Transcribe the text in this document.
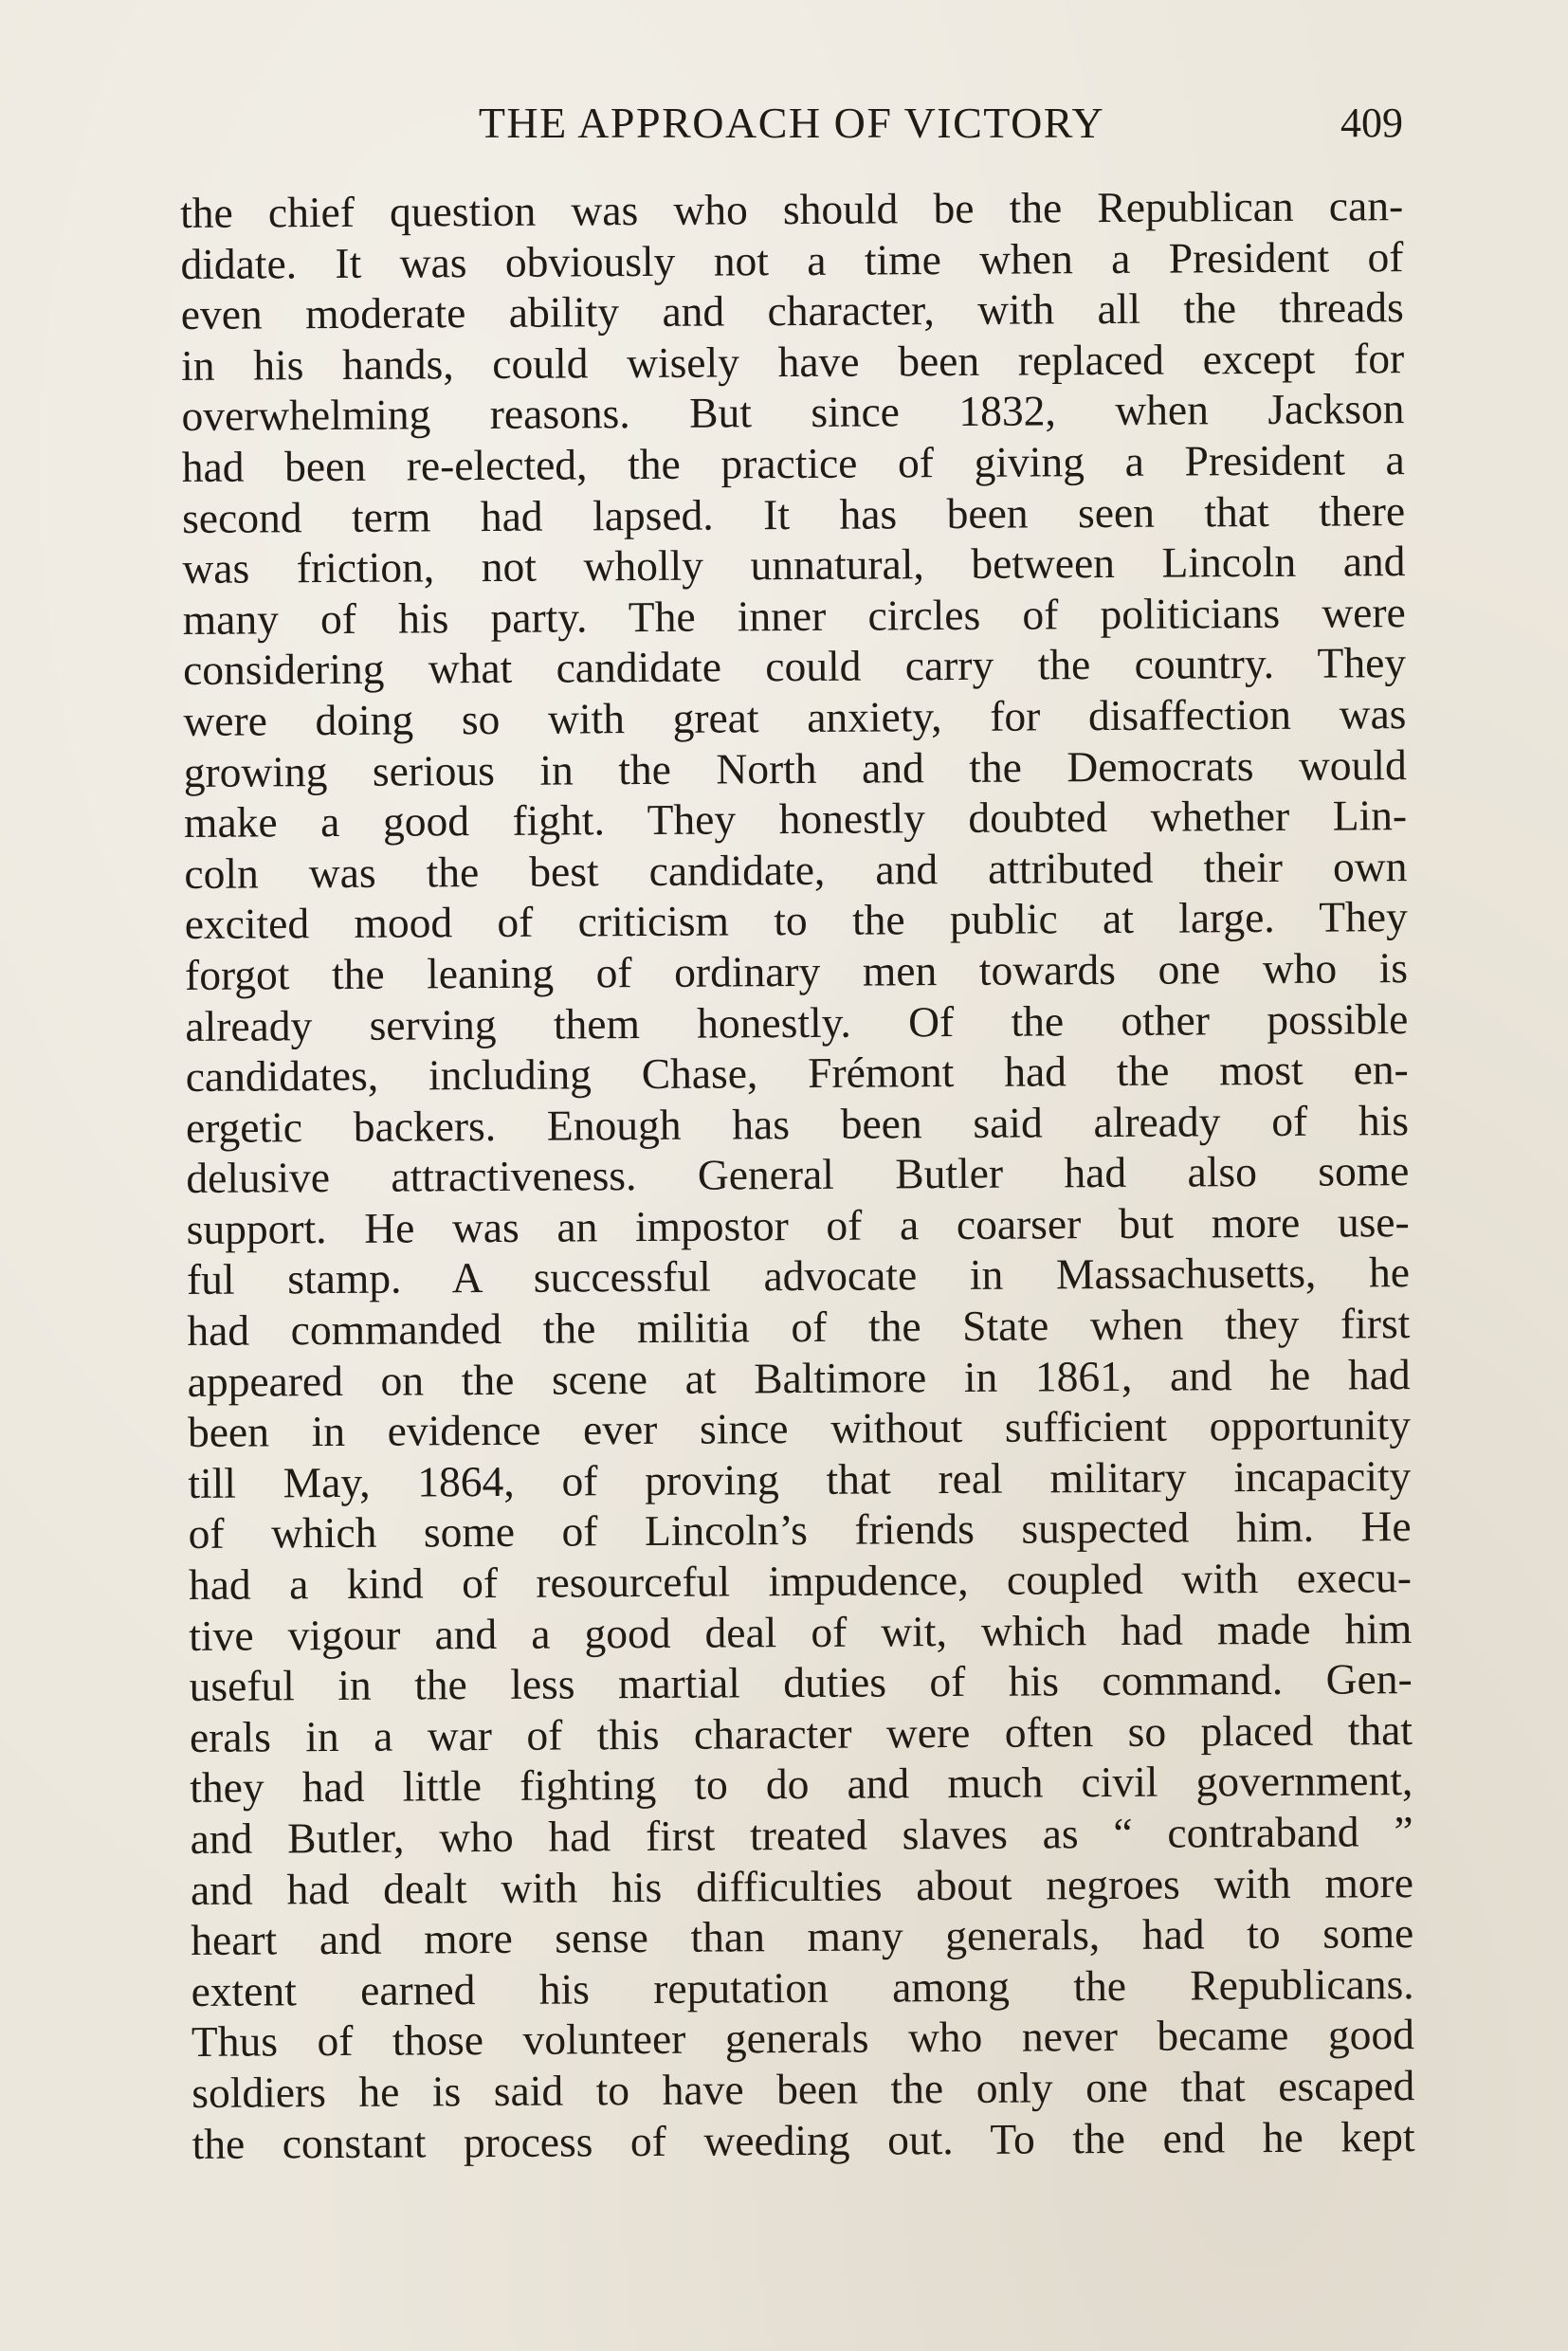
THE APPROACH OF VICTORY	409
the chief question was who should be the Republican can-
didate. It was obviously not a time when a President of
even moderate ability and character, with all the threads
in his hands, could wisely have been replaced except for
overwhelming reasons. But since 1832, when Jackson
had been re-elected, the practice of giving a President a
second term had lapsed. It has been seen that there
was friction, not wholly unnatural, between Lincoln and
many of his party. The inner circles of politicians were
considering what candidate could carry the country. They
were doing so with great anxiety, for disaffection was
growing serious in the North and the Democrats would
make a good fight. They honestly doubted whether Lin-
coln was the best candidate, and attributed their own
excited mood of criticism to the public at large. They
forgot the leaning of ordinary men towards one who is
already serving them honestly. Of the other possible
candidates, including Chase, Frémont had the most en-
ergetic backers. Enough has been said already of his
delusive attractiveness. General Butler had also some
support. He was an impostor of a coarser but more use-
ful stamp. A successful advocate in Massachusetts, he
had commanded the militia of the State when they first
appeared on the scene at Baltimore in 1861, and he had
been in evidence ever since without sufficient opportunity
till May, 1864, of proving that real military incapacity
of which some of Lincoln’s friends suspected him. He
had a kind of resourceful impudence, coupled with execu-
tive vigour and a good deal of wit, which had made him
useful in the less martial duties of his command. Gen-
erals in a war of this character were often so placed that
they had little fighting to do and much civil government,
and Butler, who had first treated slaves as “ contraband ”
and had dealt with his difficulties about negroes with more
heart and more sense than many generals, had to some
extent earned his reputation among the Republicans.
Thus of those volunteer generals who never became good
soldiers he is said to have been the only one that escaped
the constant process of weeding out. To the end he kept
